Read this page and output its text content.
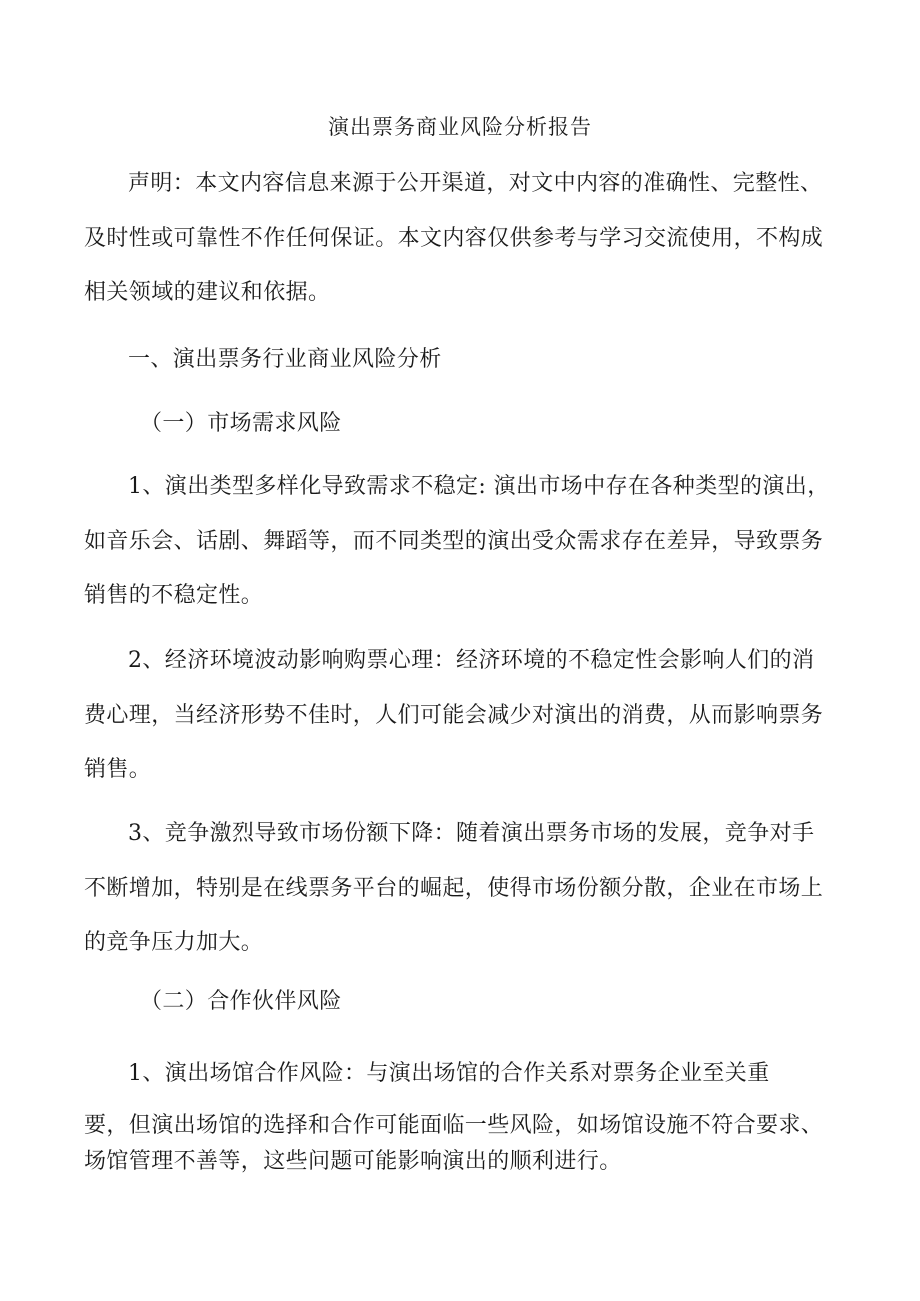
演出票务商业风险分析报告
声明：本文内容信息来源于公开渠道，对文中内容的准确性、完整性、
及时性或可靠性不作任何保证。本文内容仅供参考与学习交流使用，不构成
相关领域的建议和依据。
一、演出票务行业商业风险分析
（一）市场需求风险
1、演出类型多样化导致需求不稳定: 演出市场中存在各种类型的演出，
如音乐会、话剧、舞蹈等，而不同类型的演出受众需求存在差异，导致票务
销售的不稳定性。
2、经济环境波动影响购票心理：经济环境的不稳定性会影响人们的消
费心理，当经济形势不佳时，人们可能会减少对演出的消费，从而影响票务
销售。
3、竞争激烈导致市场份额下降：随着演出票务市场的发展，竞争对手
不断增加，特别是在线票务平台的崛起，使得市场份额分散，企业在市场上
的竞争压力加大。
（二）合作伙伴风险
1、演出场馆合作风险：与演出场馆的合作关系对票务企业至关重
要，但演出场馆的选择和合作可能面临一些风险，如场馆设施不符合要求、
场馆管理不善等，这些问题可能影响演出的顺利进行。
